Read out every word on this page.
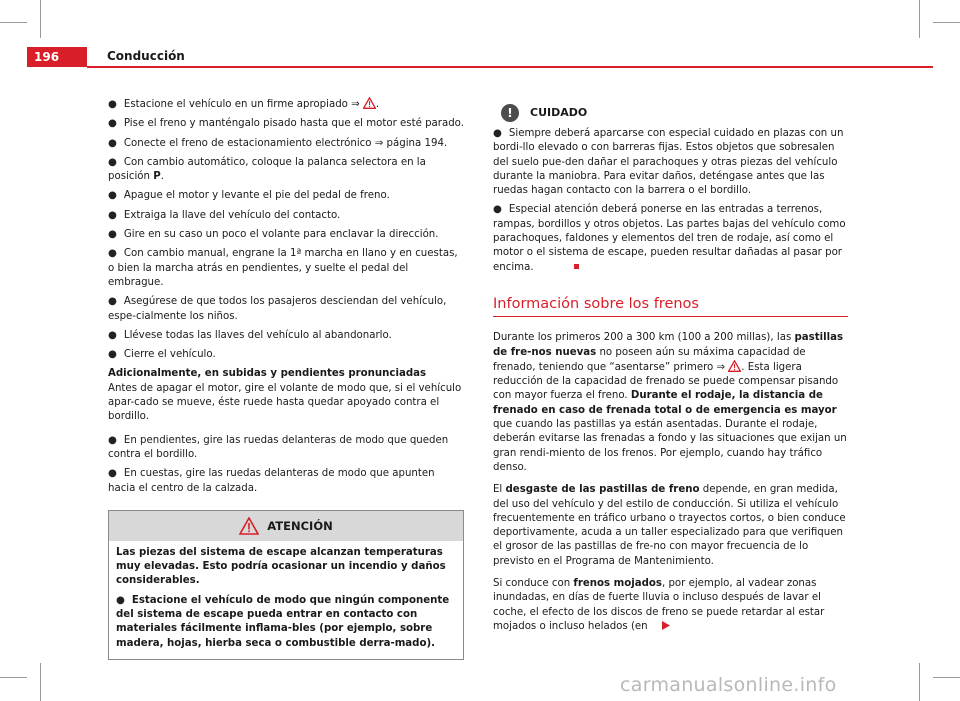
196	Conducción

● Estacione el vehículo en un firme apropiado ⇒ .

● Pise el freno y manténgalo pisado hasta que el motor esté parado.

● Conecte el freno de estacionamiento electrónico ⇒ página 194.

● Con cambio automático, coloque la palanca selectora en la posición P.

● Apague el motor y levante el pie del pedal de freno.

● Extraiga la llave del vehículo del contacto.

● Gire en su caso un poco el volante para enclavar la dirección.

● Con cambio manual, engrane la 1ª marcha en llano y en cuestas, o bien la marcha atrás en pendientes, y suelte el pedal del embrague.

● Asegúrese de que todos los pasajeros desciendan del vehículo, espe-cialmente los niños.

● Llévese todas las llaves del vehículo al abandonarlo.

● Cierre el vehículo.

Adicionalmente, en subidas y pendientes pronunciadas

Antes de apagar el motor, gire el volante de modo que, si el vehículo apar-cado se mueve, éste ruede hasta quedar apoyado contra el bordillo.

● En pendientes, gire las ruedas delanteras de modo que queden contra el bordillo.

● En cuestas, gire las ruedas delanteras de modo que apunten hacia el centro de la calzada.

ATENCIÓN

Las piezas del sistema de escape alcanzan temperaturas muy elevadas. Esto podría ocasionar un incendio y daños considerables.

● Estacione el vehículo de modo que ningún componente del sistema de escape pueda entrar en contacto con materiales fácilmente inflama-bles (por ejemplo, sobre madera, hojas, hierba seca o combustible derra-mado).

!	CUIDADO

● Siempre deberá aparcarse con especial cuidado en plazas con un bordi-llo elevado o con barreras fijas. Estos objetos que sobresalen del suelo pue-den dañar el parachoques y otras piezas del vehículo durante la maniobra. Para evitar daños, deténgase antes que las ruedas hagan contacto con la barrera o el bordillo.

● Especial atención deberá ponerse en las entradas a terrenos, rampas, bordillos y otros objetos. Las partes bajas del vehículo como parachoques, faldones y elementos del tren de rodaje, así como el motor o el sistema de escape, pueden resultar dañadas al pasar por encima.

Información sobre los frenos

Durante los primeros 200 a 300 km (100 a 200 millas), las pastillas de fre-nos nuevas no poseen aún su máxima capacidad de frenado, teniendo que “asentarse” primero ⇒ . Esta ligera reducción de la capacidad de frenado se puede compensar pisando con mayor fuerza el freno. Durante el rodaje, la distancia de frenado en caso de frenada total o de emergencia es mayor que cuando las pastillas ya están asentadas. Durante el rodaje, deberán evitarse las frenadas a fondo y las situaciones que exijan un gran rendi-miento de los frenos. Por ejemplo, cuando hay tráfico denso.

El desgaste de las pastillas de freno depende, en gran medida, del uso del vehículo y del estilo de conducción. Si utiliza el vehículo frecuentemente en tráfico urbano o trayectos cortos, o bien conduce deportivamente, acuda a un taller especializado para que verifiquen el grosor de las pastillas de fre-no con mayor frecuencia de lo previsto en el Programa de Mantenimiento.

Si conduce con frenos mojados, por ejemplo, al vadear zonas inundadas, en días de fuerte lluvia o incluso después de lavar el coche, el efecto de los discos de freno se puede retardar al estar mojados o incluso helados (en

carmanualsonline.info
